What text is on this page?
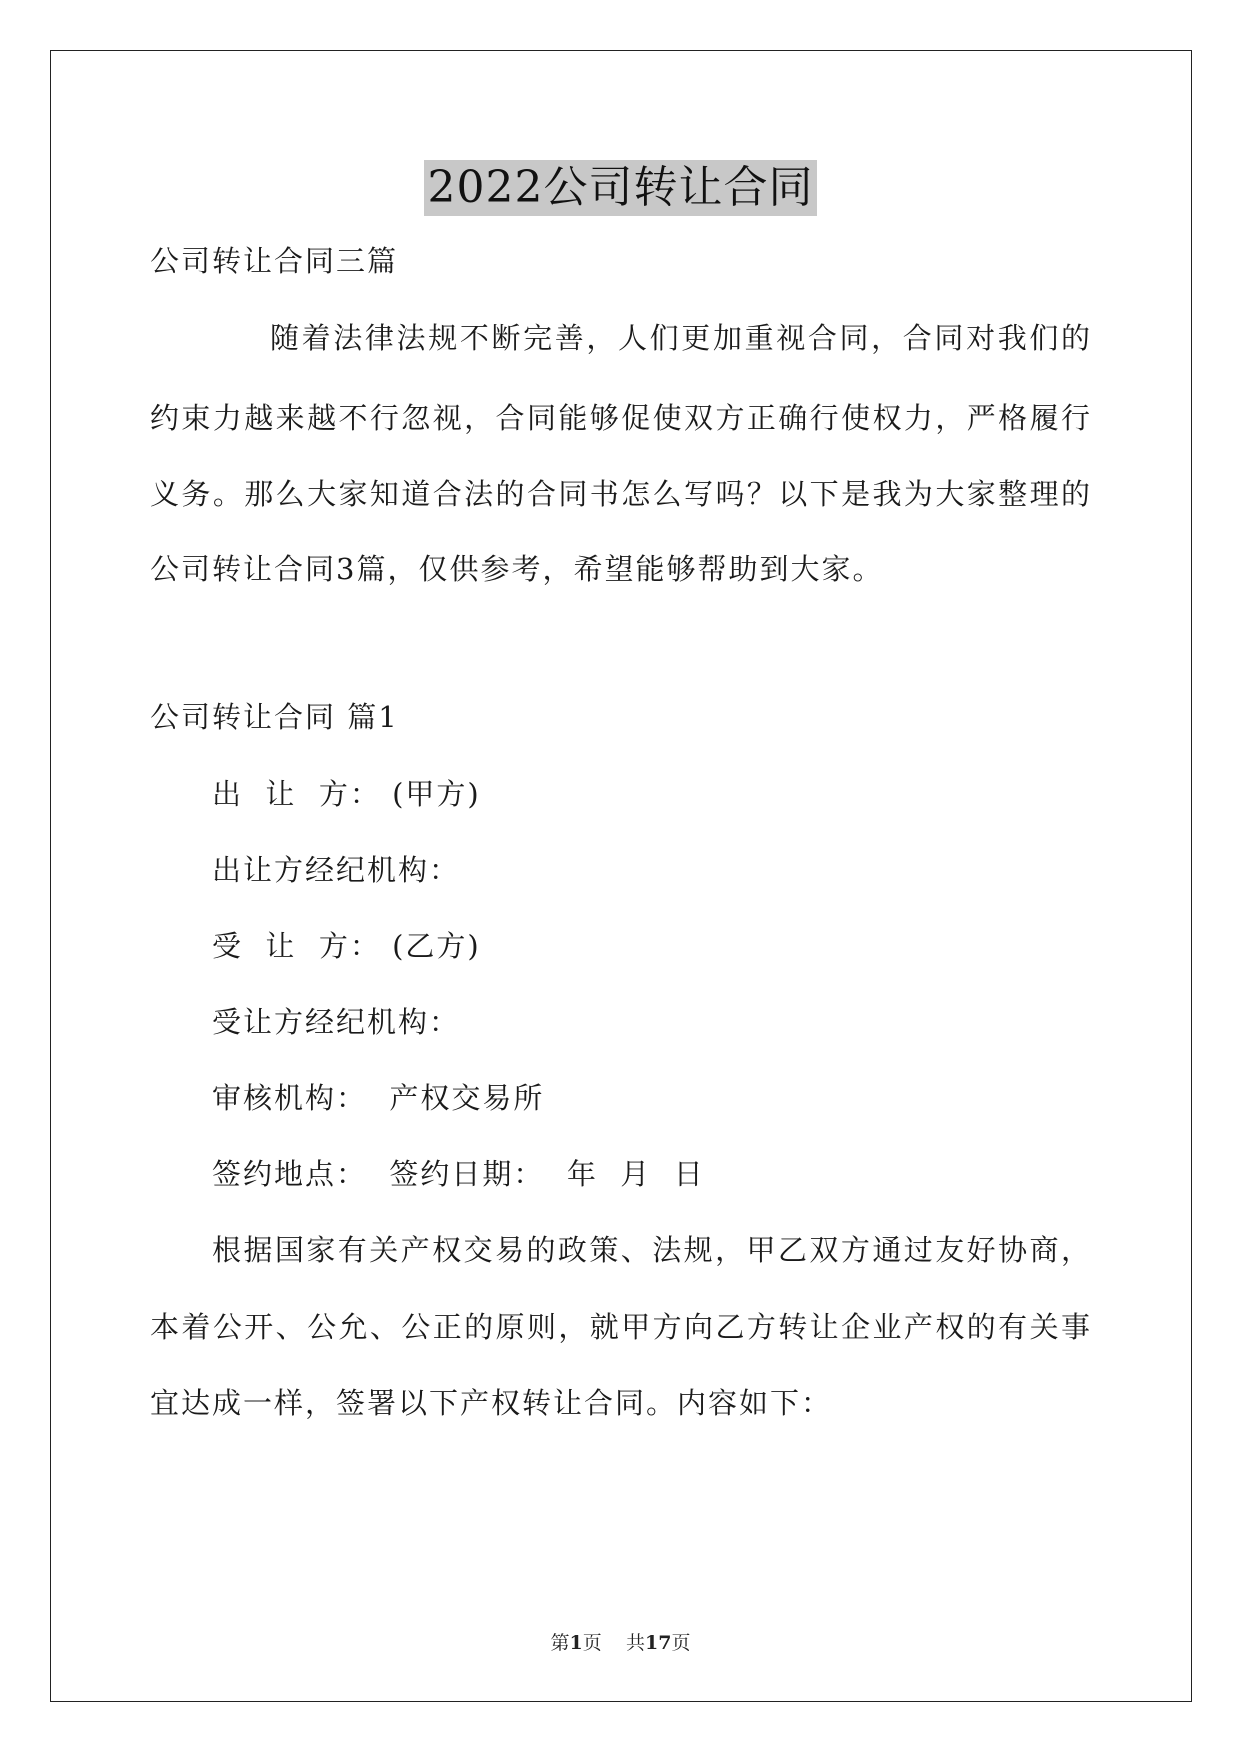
2022公司转让合同
公司转让合同三篇
随着法律法规不断完善，人们更加重视合同，合同对我们的
约束力越来越不行忽视，合同能够促使双方正确行使权力，严格履行
义务。那么大家知道合法的合同书怎么写吗？以下是我为大家整理的
公司转让合同3篇，仅供参考，希望能够帮助到大家。
公司转让合同 篇1
出  让  方： (甲方)
出让方经纪机构：
受  让  方： (乙方)
受让方经纪机构：
审核机构：  产权交易所
签约地点：  签约日期：  年  月  日
根据国家有关产权交易的政策、法规，甲乙双方通过友好协商，
本着公开、公允、公正的原则，就甲方向乙方转让企业产权的有关事
宜达成一样，签署以下产权转让合同。内容如下：
第1页 共17页
